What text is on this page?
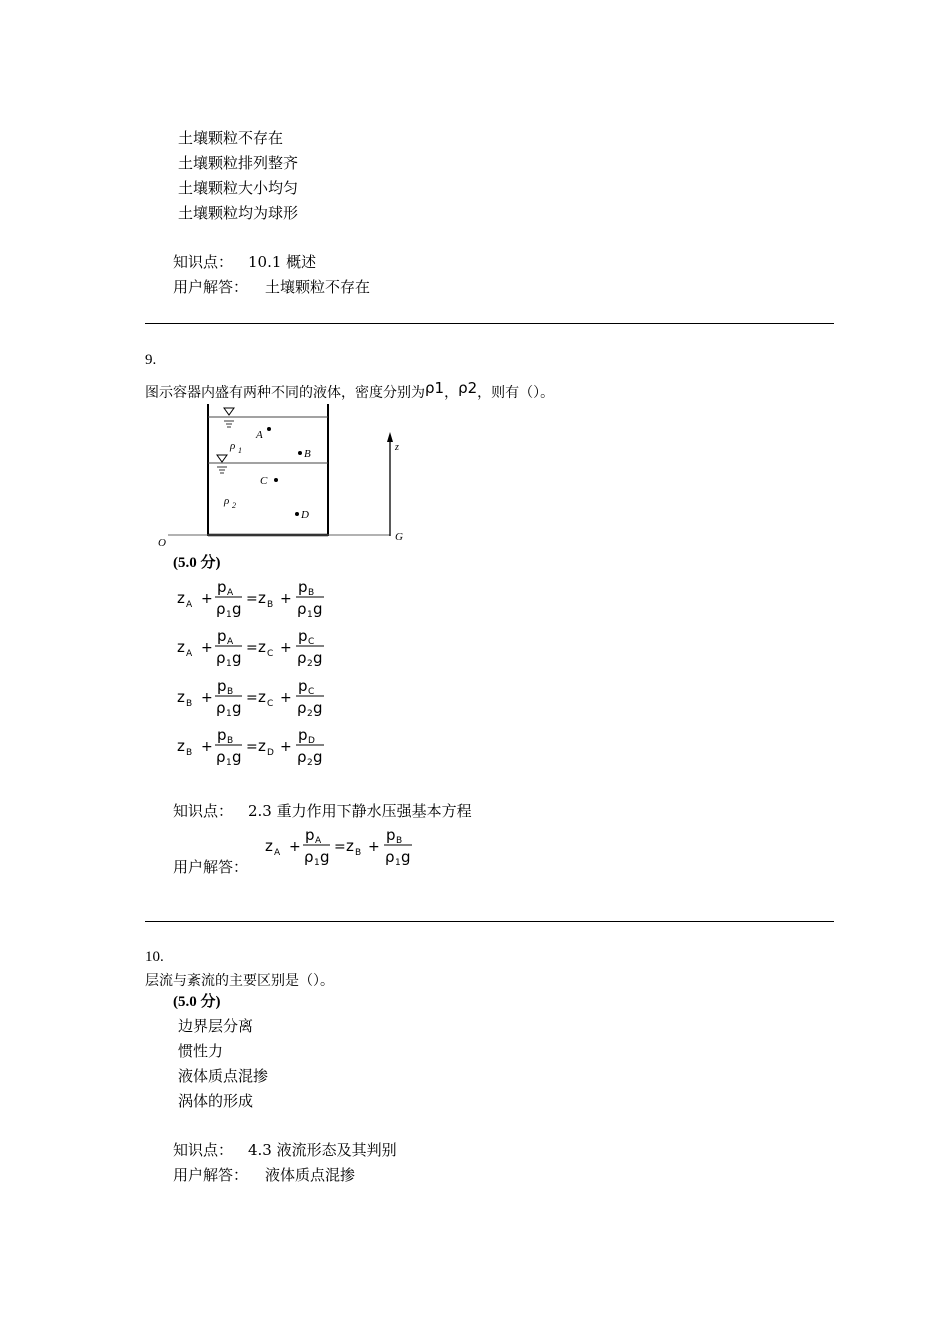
土壤颗粒不存在
土壤颗粒排列整齐
土壤颗粒大小均匀
土壤颗粒均为球形
知识点： 10.1 概述
用户解答： 土壤颗粒不存在
9.
图示容器内盛有两种不同的液体，密度分别为ρ1，ρ2，则有（）。
A
B
C
D
ρ 1
ρ 2
z
O	G
(5.0 分)
z A +
p A
ρ 1 g
= z B +
p B
ρ 1 g
z A +
p A
ρ 1 g
= z C +
p C
ρ 2 g
z B +
p B
ρ 1 g
= z C +
p C
ρ 2 g
z B +
p B
ρ 1 g
= z D +
p D
ρ 2 g
知识点： 2.3 重力作用下静水压强基本方程
用户解答：
z A +
p A
ρ 1 g
= z B +
p B
ρ 1 g
10.
层流与紊流的主要区别是（）。
(5.0 分)
边界层分离
惯性力
液体质点混掺
涡体的形成
知识点： 4.3 液流形态及其判别
用户解答： 液体质点混掺
